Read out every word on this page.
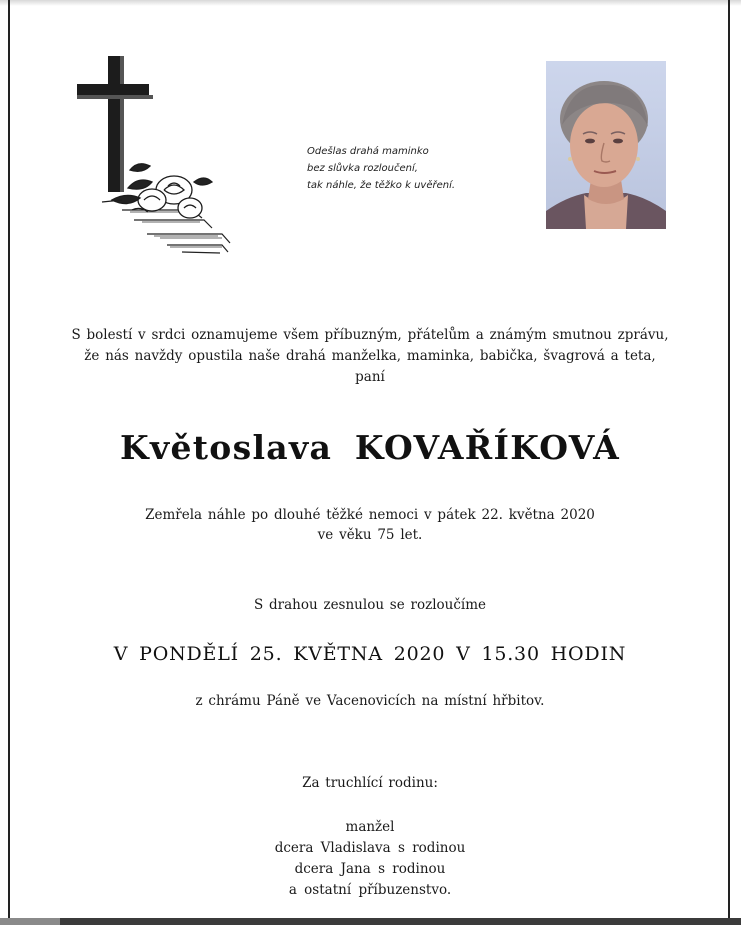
Odešlas drahá maminko
bez slůvka rozloučení,
tak náhle, že těžko k uvěření.
S bolestí v srdci oznamujeme všem příbuzným, přátelům a známým smutnou zprávu,
že nás navždy opustila naše drahá manželka, maminka, babička, švagrová a teta,
paní
Květoslava KOVAŘÍKOVÁ
Zemřela náhle po dlouhé těžké nemoci v pátek 22. května 2020
ve věku 75 let.
S drahou zesnulou se rozloučíme
V PONDĚLÍ 25. KVĚTNA 2020 V 15.30 HODIN
z chrámu Páně ve Vacenovicích na místní hřbitov.
Za truchlící rodinu:
manžel
dcera Vladislava s rodinou
dcera Jana s rodinou
a ostatní příbuzenstvo.
